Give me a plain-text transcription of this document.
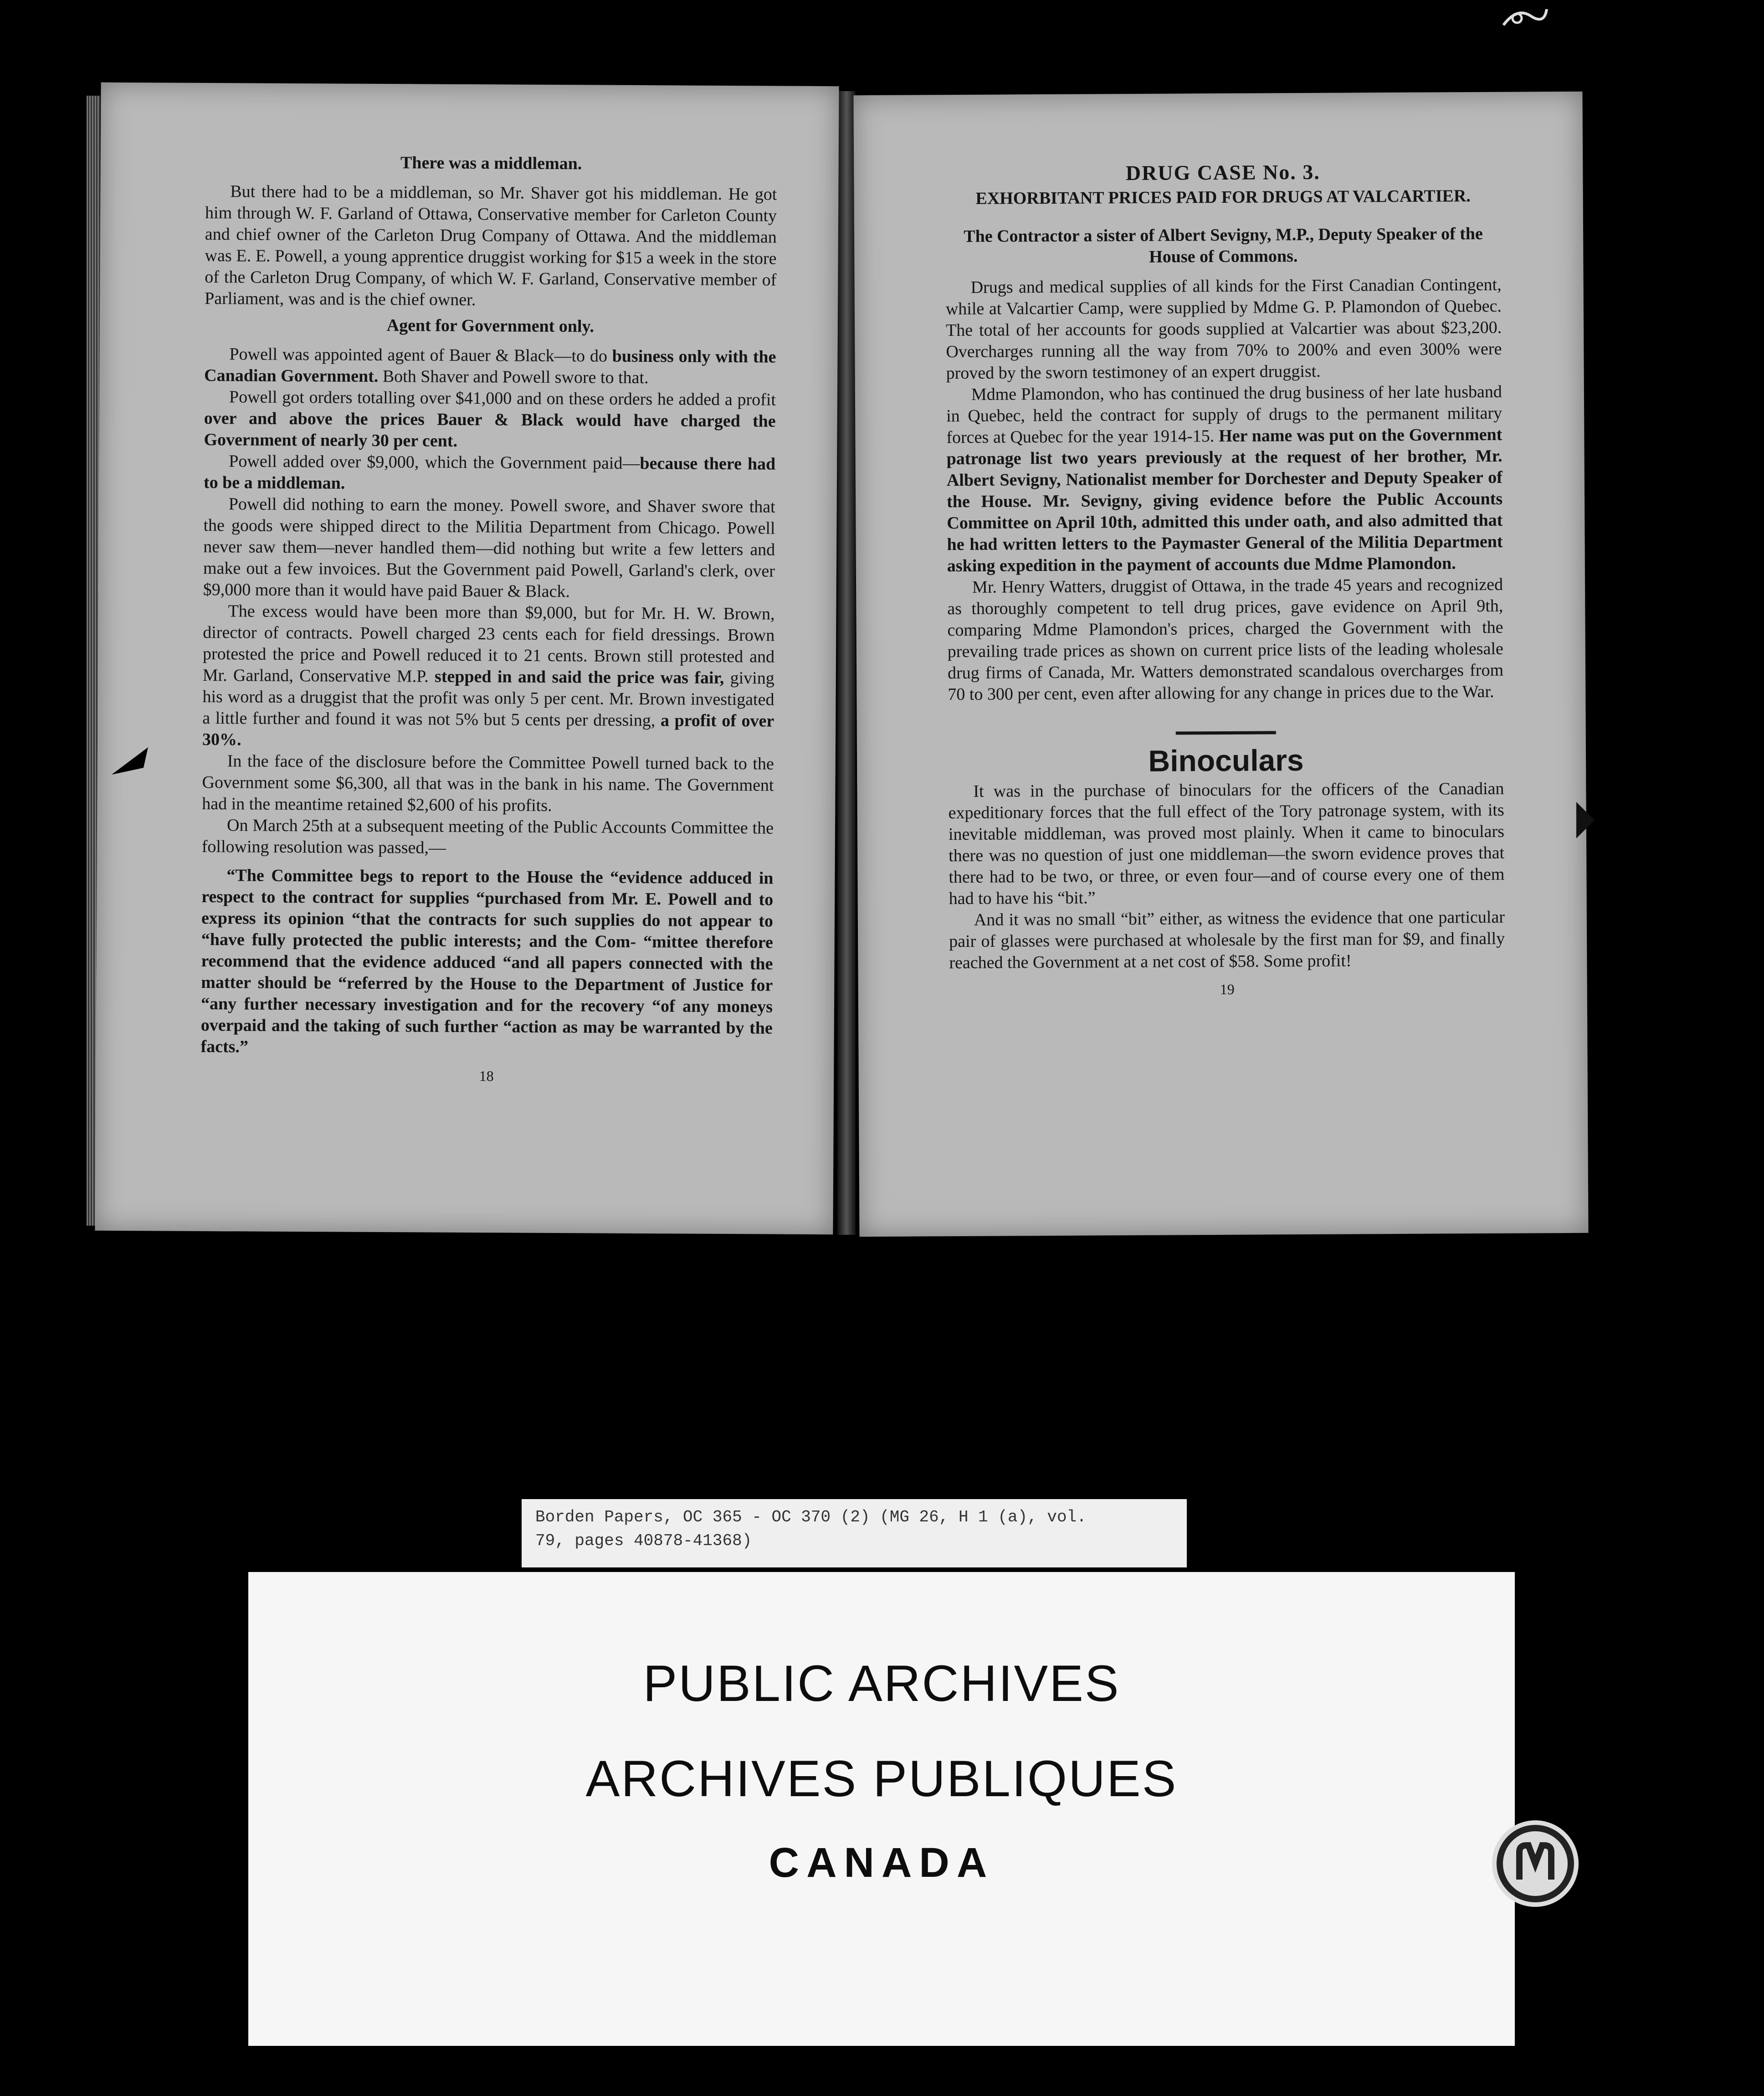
There was a middleman.

But there had to be a middleman, so Mr. Shaver got his middleman. He got him through W. F. Garland of Ottawa, Conservative member for Carleton County and chief owner of the Carleton Drug Company of Ottawa. And the middleman was E. E. Powell, a young apprentice druggist working for $15 a week in the store of the Carleton Drug Company, of which W. F. Garland, Conservative member of Parliament, was and is the chief owner.

Agent for Government only.

Powell was appointed agent of Bauer & Black—to do business only with the Canadian Government. Both Shaver and Powell swore to that.

Powell got orders totalling over $41,000 and on these orders he added a profit over and above the prices Bauer & Black would have charged the Government of nearly 30 per cent.

Powell added over $9,000, which the Government paid—because there had to be a middleman.

Powell did nothing to earn the money. Powell swore, and Shaver swore that the goods were shipped direct to the Militia Department from Chicago. Powell never saw them—never handled them—did nothing but write a few letters and make out a few invoices. But the Government paid Powell, Garland's clerk, over $9,000 more than it would have paid Bauer & Black.

The excess would have been more than $9,000, but for Mr. H. W. Brown, director of contracts. Powell charged 23 cents each for field dressings. Brown protested the price and Powell reduced it to 21 cents. Brown still protested and Mr. Garland, Conservative M.P. stepped in and said the price was fair, giving his word as a druggist that the profit was only 5 per cent. Mr. Brown investigated a little further and found it was not 5% but 5 cents per dressing, a profit of over 30%.

In the face of the disclosure before the Committee Powell turned back to the Government some $6,300, all that was in the bank in his name. The Government had in the meantime retained $2,600 of his profits.

On March 25th at a subsequent meeting of the Public Accounts Committee the following resolution was passed,—

“The Committee begs to report to the House the “evidence adduced in respect to the contract for supplies “purchased from Mr. E. Powell and to express its opinion “that the contracts for such supplies do not appear to “have fully protected the public interests; and the Com- “mittee therefore recommend that the evidence adduced “and all papers connected with the matter should be “referred by the House to the Department of Justice for “any further necessary investigation and for the recovery “of any moneys overpaid and the taking of such further “action as may be warranted by the facts.”

18
DRUG CASE No. 3.
EXHORBITANT PRICES PAID FOR DRUGS AT VALCARTIER.
The Contractor a sister of Albert Sevigny, M.P., Deputy Speaker of the House of Commons.

Drugs and medical supplies of all kinds for the First Canadian Contingent, while at Valcartier Camp, were supplied by Mdme G. P. Plamondon of Quebec. The total of her accounts for goods supplied at Valcartier was about $23,200. Overcharges running all the way from 70% to 200% and even 300% were proved by the sworn testimoney of an expert druggist.

Mdme Plamondon, who has continued the drug business of her late husband in Quebec, held the contract for supply of drugs to the permanent military forces at Quebec for the year 1914-15. Her name was put on the Government patronage list two years previously at the request of her brother, Mr. Albert Sevigny, Nationalist member for Dorchester and Deputy Speaker of the House. Mr. Sevigny, giving evidence before the Public Accounts Committee on April 10th, admitted this under oath, and also admitted that he had written letters to the Paymaster General of the Militia Department asking expedition in the payment of accounts due Mdme Plamondon.

Mr. Henry Watters, druggist of Ottawa, in the trade 45 years and recognized as thoroughly competent to tell drug prices, gave evidence on April 9th, comparing Mdme Plamondon's prices, charged the Government with the prevailing trade prices as shown on current price lists of the leading wholesale drug firms of Canada, Mr. Watters demonstrated scandalous overcharges from 70 to 300 per cent, even after allowing for any change in prices due to the War.

Binoculars

It was in the purchase of binoculars for the officers of the Canadian expeditionary forces that the full effect of the Tory patronage system, with its inevitable middleman, was proved most plainly. When it came to binoculars there was no question of just one middleman—the sworn evidence proves that there had to be two, or three, or even four—and of course every one of them had to have his “bit.”

And it was no small “bit” either, as witness the evidence that one particular pair of glasses were purchased at wholesale by the first man for $9, and finally reached the Government at a net cost of $58. Some profit!

19
Borden Papers, OC 365 - OC 370 (2) (MG 26, H 1 (a), vol.
79, pages 40878-41368)
PUBLIC ARCHIVES
ARCHIVES PUBLIQUES
CANADA
